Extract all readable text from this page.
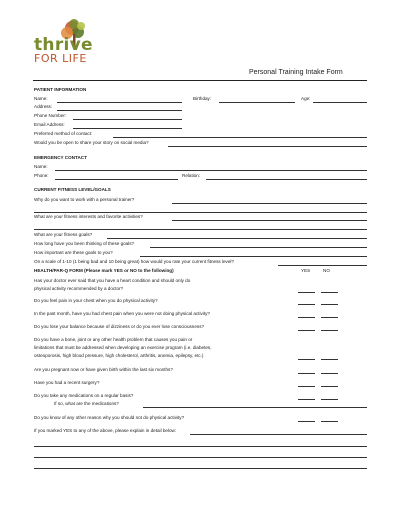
thrive
FOR LIFE
Personal Training Intake Form
PATIENT INFORMATION
Name:	Birthday:	Age:
Address:
Phone Number:
Email Address:
Preferred method of contact:
Would you be open to share your story on social media?
EMERGENCY CONTACT
Name:
Phone:	Relation:
CURRENT FITNESS LEVEL/GOALS
Why do you want to work with a personal trainer?
What are your fitness interests and favorite activities?
What are your fitness goals?
How long have you been thinking of these goals?
How important are these goals to you?
On a scale of 1-10 (1 being bad and 10 being great) how would you rate your current fitness level?
HEALTH/PAR-Q FORM (Please mark YES or NO to the following)	YES	NO
Has your doctor ever said that you have a heart condition and should only do
physical activity recommended by a doctor?
Do you feel pain in your chest when you do physical activity?
In the past month, have you had chest pain when you were not doing physical activity?
Do you lose your balance because of dizziness or do you ever lose consciousness?
Do you have a bone, joint or any other health problem that causes you pain or
limitations that must be addressed when developing an exercise program (i.e. diabetes,
osteoporosis, high blood pressure, high cholesterol, arthritis, anemia, epilepsy, etc.)
Are you pregnant now or have given birth within the last six months?
Have you had a recent surgery?
Do you take any medications on a regular basis?
If so, what are the medications?
Do you know of any other reason why you should not do physical activity?
If you marked YES to any of the above, please explain in detail below:
